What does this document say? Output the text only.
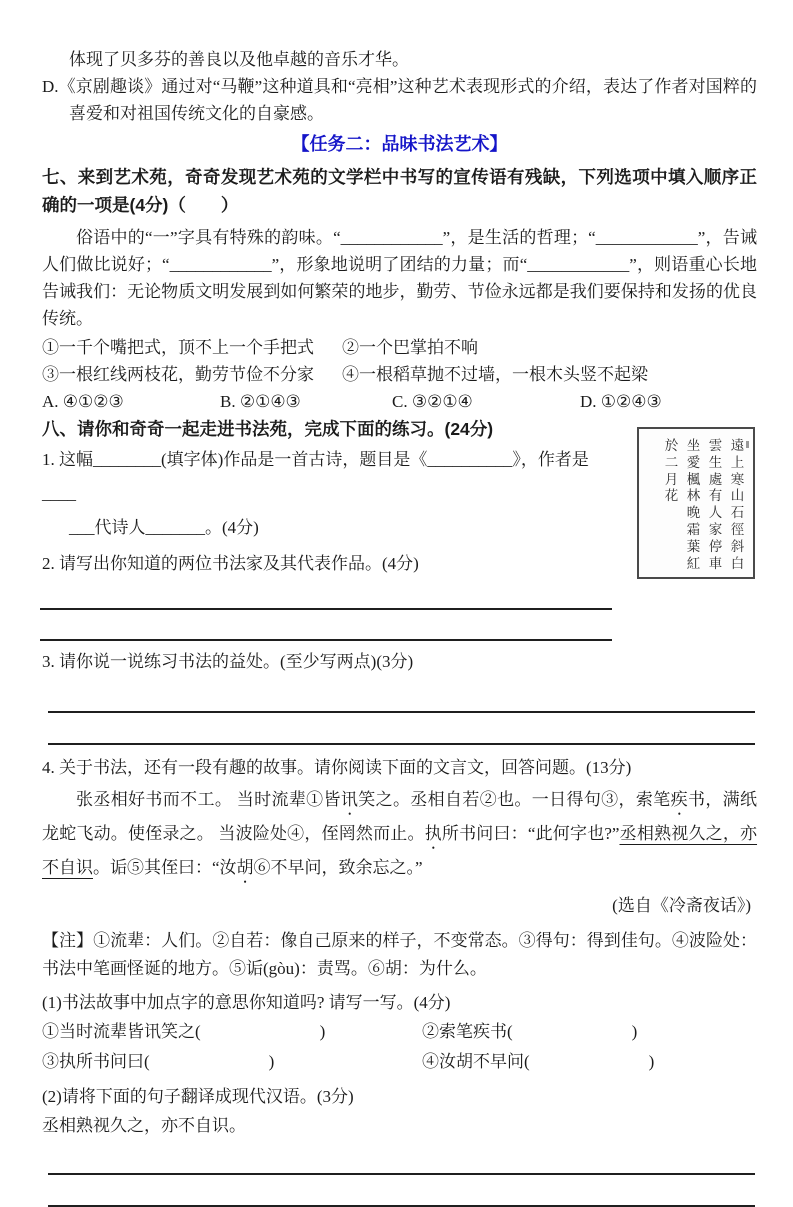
体现了贝多芬的善良以及他卓越的音乐才华。
D.《京剧趣谈》通过对“马鞭”这种道具和“亮相”这种艺术表现形式的介绍，表达了作者对国粹的喜爱和对祖国传统文化的自豪感。
【任务二：品味书法艺术】
七、来到艺术苑，奇奇发现艺术苑的文学栏中书写的宣传语有残缺，下列选项中填入顺序正确的一项是(4分)（　　）
俗语中的“一”字具有特殊的韵味。“____________”，是生活的哲理；“____________”，告诫人们做比说好；“____________”，形象地说明了团结的力量；而“____________”，则语重心长地告诫我们：无论物质文明发展到如何繁荣的地步，勤劳、节俭永远都是我们要保持和发扬的优良传统。
①一千个嘴把式，顶不上一个手把式	②一个巴掌拍不响
③一根红线两枝花，勤劳节俭不分家	④一根稻草抛不过墙，一根木头竖不起梁
A. ④①②③	B. ②①④③	C. ③②①④	D. ①②④③
八、请你和奇奇一起走进书法苑，完成下面的练习。(24分)
1. 这幅________(填字体)作品是一首古诗，题目是《__________》，作者是____
___代诗人_______。(4分)
2. 请写出你知道的两位书法家及其代表作品。(4分)
遠
上
寒
山
石
徑
斜
白
雲
生
處
有
人
家
停
車
坐
愛
楓
林
晚
霜
葉
紅
於
二
月
花
3. 请你说一说练习书法的益处。(至少写两点)(3分)
4. 关于书法，还有一段有趣的故事。请你阅读下面的文言文，回答问题。(13分)
张丞相好书而不工。 当时流辈①皆讯笑之。丞相自若②也。一日得句③，索笔疾书，满纸龙蛇飞动。使侄录之。 当波险处④，侄罔然而止。执所书问曰：“此何字也?”丞相熟视久之，亦不自识。诟⑤其侄曰：“汝胡⑥不早问，致余忘之。”
(选自《冷斋夜话》)
【注】①流辈：人们。②自若：像自己原来的样子，不变常态。③得句：得到佳句。④波险处：书法中笔画怪诞的地方。⑤诟(gòu)：责骂。⑥胡：为什么。
(1)书法故事中加点字的意思你知道吗? 请写一写。(4分)
①当时流辈皆讯笑之(　　　　　　　)	②索笔疾书(　　　　　　　)
③执所书问曰(　　　　　　　)	④汝胡不早问(　　　　　　　)
(2)请将下面的句子翻译成现代汉语。(3分)
丞相熟视久之，亦不自识。
